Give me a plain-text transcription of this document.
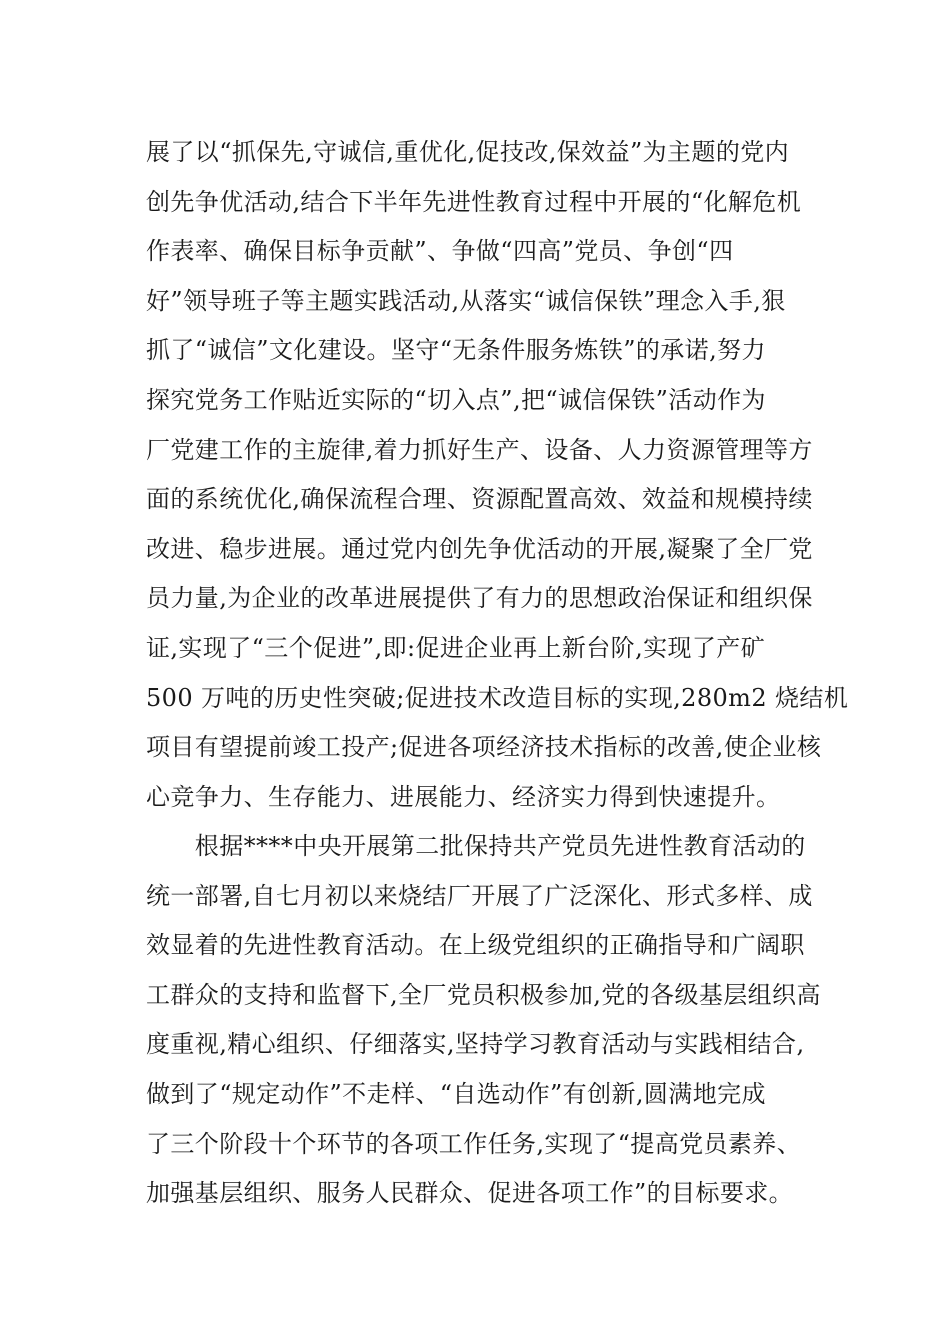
展了以“抓保先,守诚信,重优化,促技改,保效益”为主题的党内
创先争优活动,结合下半年先进性教育过程中开展的“化解危机
作表率、确保目标争贡献”、争做“四高”党员、争创“四
好”领导班子等主题实践活动,从落实“诚信保铁”理念入手,狠
抓了“诚信”文化建设。坚守“无条件服务炼铁”的承诺,努力
探究党务工作贴近实际的“切入点”,把“诚信保铁”活动作为
厂党建工作的主旋律,着力抓好生产、设备、人力资源管理等方
面的系统优化,确保流程合理、资源配置高效、效益和规模持续
改进、稳步进展。通过党内创先争优活动的开展,凝聚了全厂党
员力量,为企业的改革进展提供了有力的思想政治保证和组织保
证,实现了“三个促进”,即:促进企业再上新台阶,实现了产矿
500 万吨的历史性突破;促进技术改造目标的实现,280m2 烧结机
项目有望提前竣工投产;促进各项经济技术指标的改善,使企业核
心竞争力、生存能力、进展能力、经济实力得到快速提升。
　　根据****中央开展第二批保持共产党员先进性教育活动的
统一部署,自七月初以来烧结厂开展了广泛深化、形式多样、成
效显着的先进性教育活动。在上级党组织的正确指导和广阔职
工群众的支持和监督下,全厂党员积极参加,党的各级基层组织高
度重视,精心组织、仔细落实,坚持学习教育活动与实践相结合,
做到了“规定动作”不走样、“自选动作”有创新,圆满地完成
了三个阶段十个环节的各项工作任务,实现了“提高党员素养、
加强基层组织、服务人民群众、促进各项工作”的目标要求。
